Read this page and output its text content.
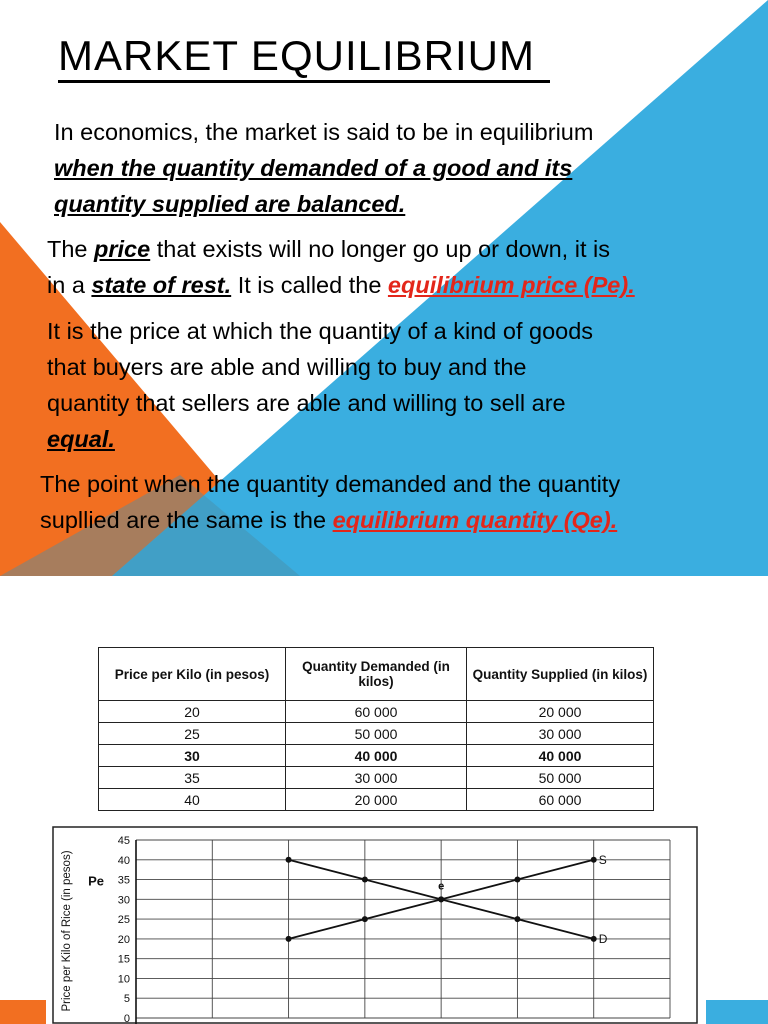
MARKET EQUILIBRIUM
In economics, the market is said to be in equilibrium
when the quantity demanded of a good and its
quantity supplied are balanced.
The price that exists will no longer go up or down, it is
in a state of rest. It is called the equilibrium price (Pe).
It is the price at which the quantity of a kind of goods
that buyers are able and willing to buy and the
quantity that sellers are able and willing to sell are
equal.
The point when the quantity demanded and the quantity
supllied are the same is the equilibrium quantity (Qe).
Price per Kilo (in pesos)	Quantity Demanded (in kilos)	Quantity Supplied (in kilos)
20	60 000	20 000
25	50 000	30 000
30	40 000	40 000
35	30 000	50 000
40	20 000	60 000
45
40
35
30
25
20
15
10
5
0
Pe
Price per Kilo of Rice (in pesos)	S
D
e
